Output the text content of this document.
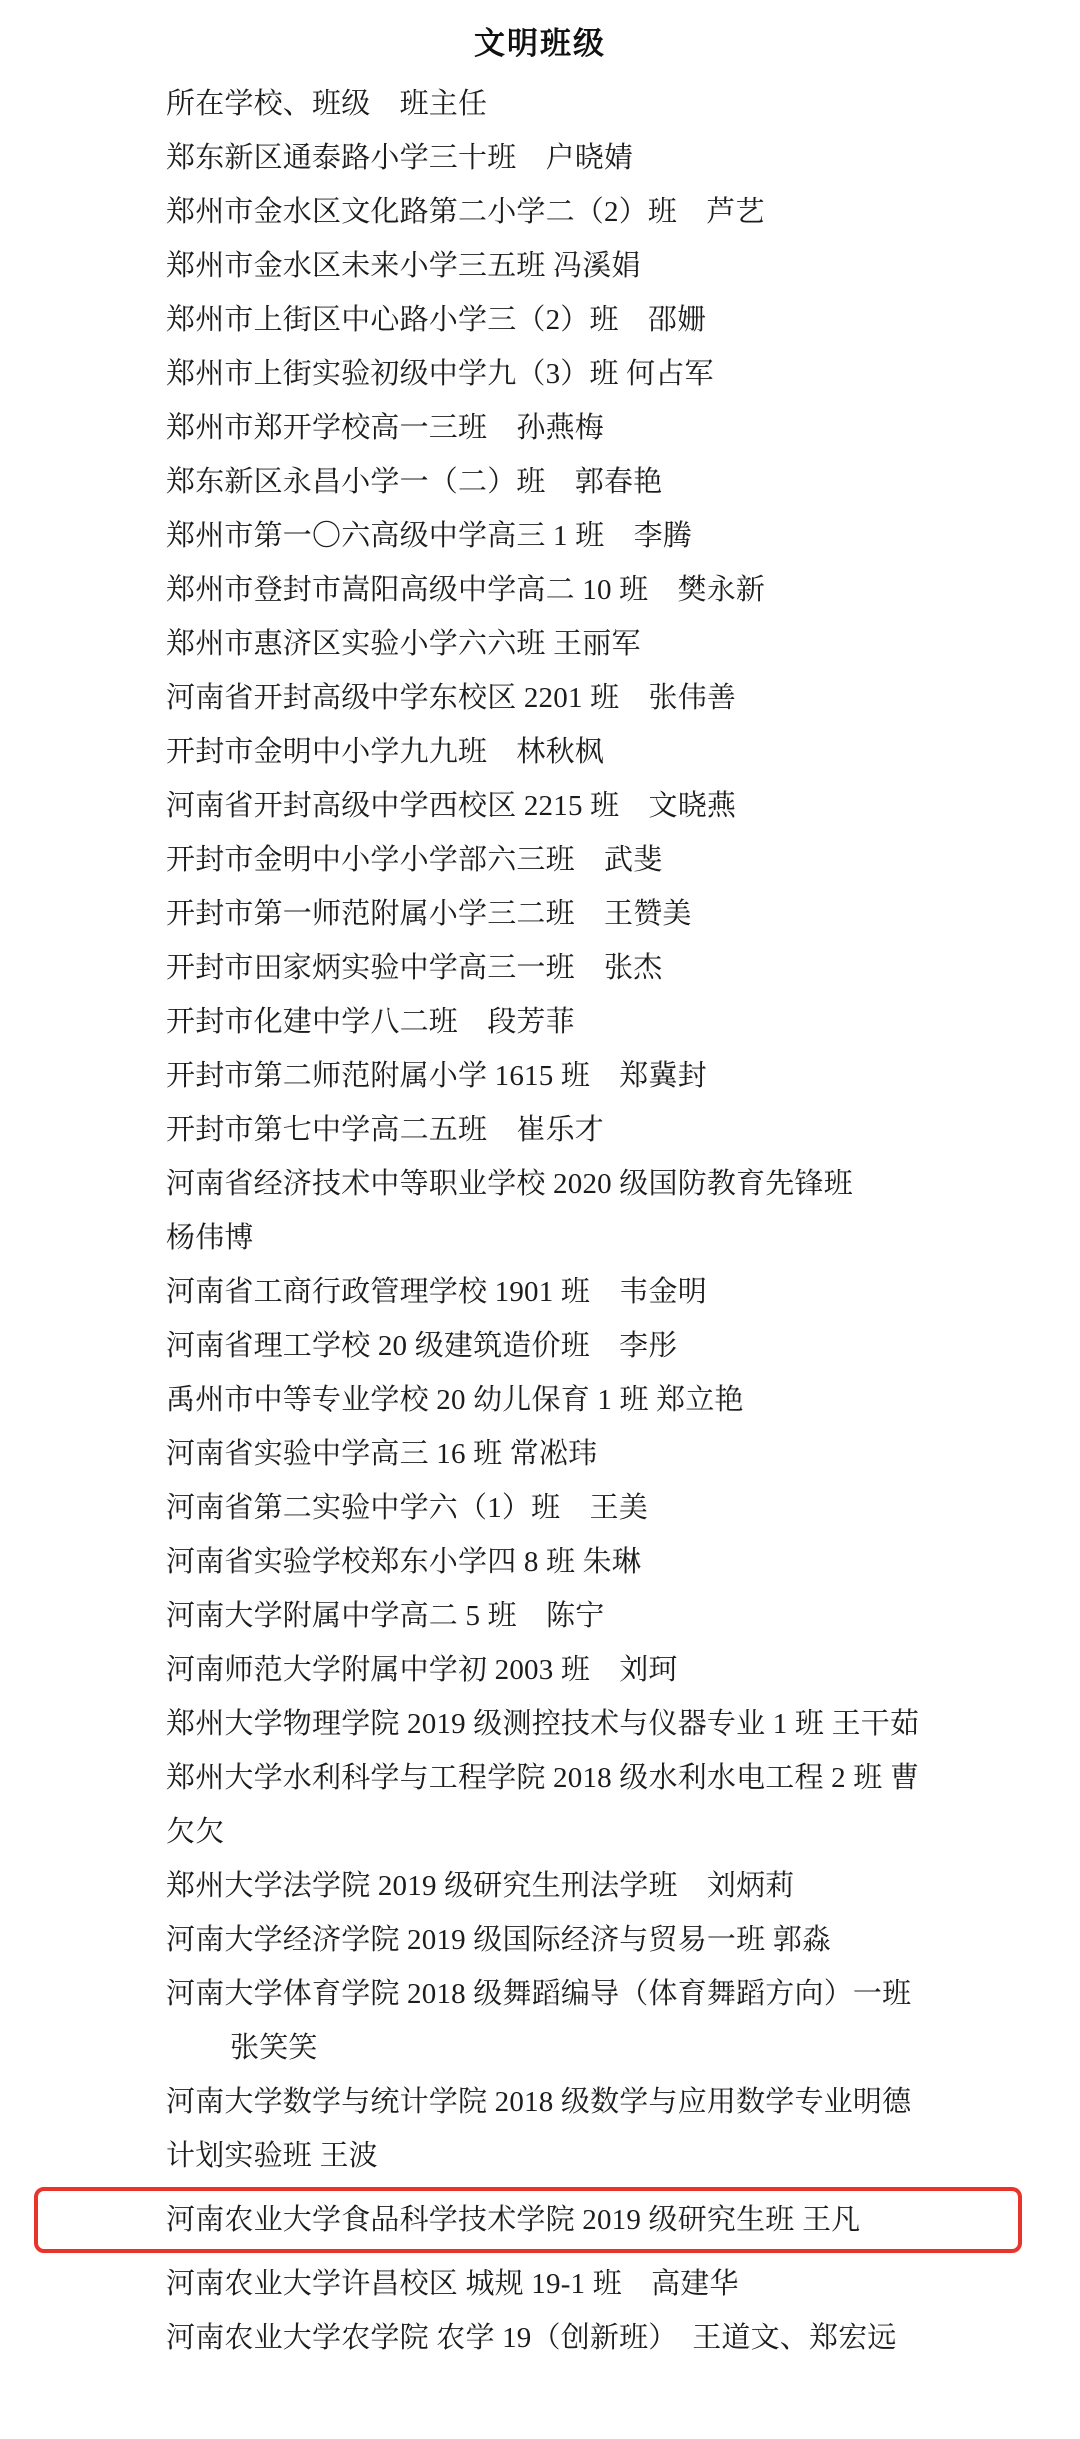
文明班级
所在学校、班级　班主任
郑东新区通泰路小学三十班　户晓婧
郑州市金水区文化路第二小学二（2）班　芦艺
郑州市金水区未来小学三五班 冯溪娟
郑州市上街区中心路小学三（2）班　邵姗
郑州市上街实验初级中学九（3）班 何占军
郑州市郑开学校高一三班　孙燕梅
郑东新区永昌小学一（二）班　郭春艳
郑州市第一〇六高级中学高三 1 班　李腾
郑州市登封市嵩阳高级中学高二 10 班　樊永新
郑州市惠济区实验小学六六班 王丽军
河南省开封高级中学东校区 2201 班　张伟善
开封市金明中小学九九班　林秋枫
河南省开封高级中学西校区 2215 班　文晓燕
开封市金明中小学小学部六三班　武斐
开封市第一师范附属小学三二班　王赞美
开封市田家炳实验中学高三一班　张杰
开封市化建中学八二班　段芳菲
开封市第二师范附属小学 1615 班　郑冀封
开封市第七中学高二五班　崔乐才
河南省经济技术中等职业学校 2020 级国防教育先锋班
杨伟博
河南省工商行政管理学校 1901 班　韦金明
河南省理工学校 20 级建筑造价班　李彤
禹州市中等专业学校 20 幼儿保育 1 班 郑立艳
河南省实验中学高三 16 班 常凇玮
河南省第二实验中学六（1）班　王美
河南省实验学校郑东小学四 8 班 朱琳
河南大学附属中学高二 5 班　陈宁
河南师范大学附属中学初 2003 班　刘珂
郑州大学物理学院 2019 级测控技术与仪器专业 1 班 王干茹
郑州大学水利科学与工程学院 2018 级水利水电工程 2 班 曹
欠欠
郑州大学法学院 2019 级研究生刑法学班　刘炳莉
河南大学经济学院 2019 级国际经济与贸易一班 郭淼
河南大学体育学院 2018 级舞蹈编导（体育舞蹈方向）一班
张笑笑
河南大学数学与统计学院 2018 级数学与应用数学专业明德
计划实验班 王波
河南农业大学食品科学技术学院 2019 级研究生班 王凡
河南农业大学许昌校区 城规 19-1 班　高建华
河南农业大学农学院 农学 19（创新班）　王道文、郑宏远
